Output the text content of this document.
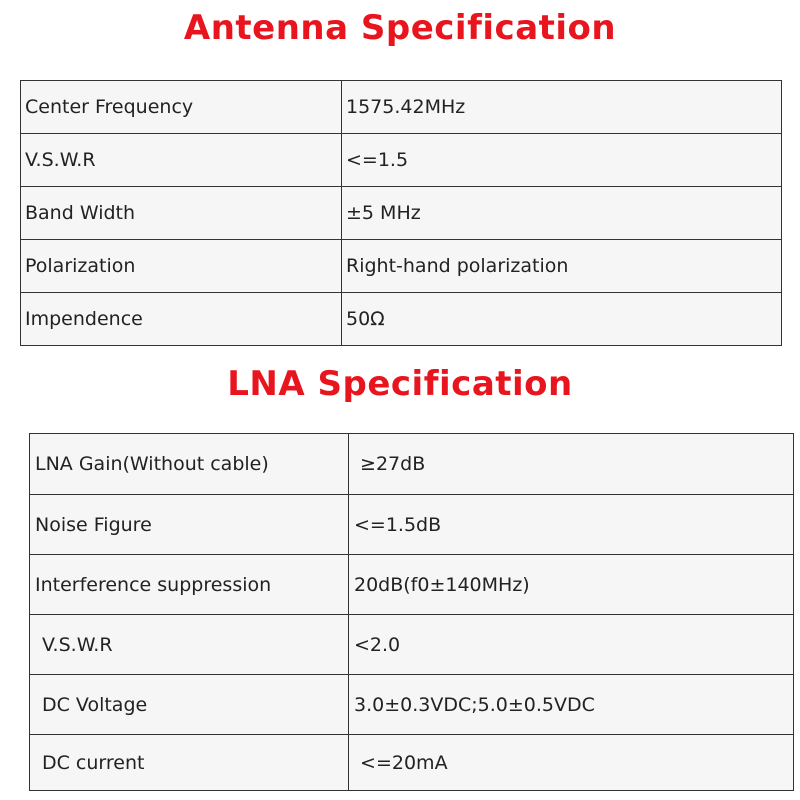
Antenna Specification
Center Frequency	1575.42MHz
V.S.W.R	<=1.5
Band Width	±5 MHz
Polarization	Right-hand polarization
Impendence	50Ω
LNA Specification
LNA Gain(Without cable)	≥27dB
Noise Figure	<=1.5dB
Interference suppression	20dB(f0±140MHz)
V.S.W.R	<2.0
DC Voltage	3.0±0.3VDC;5.0±0.5VDC
DC current	<=20mA
